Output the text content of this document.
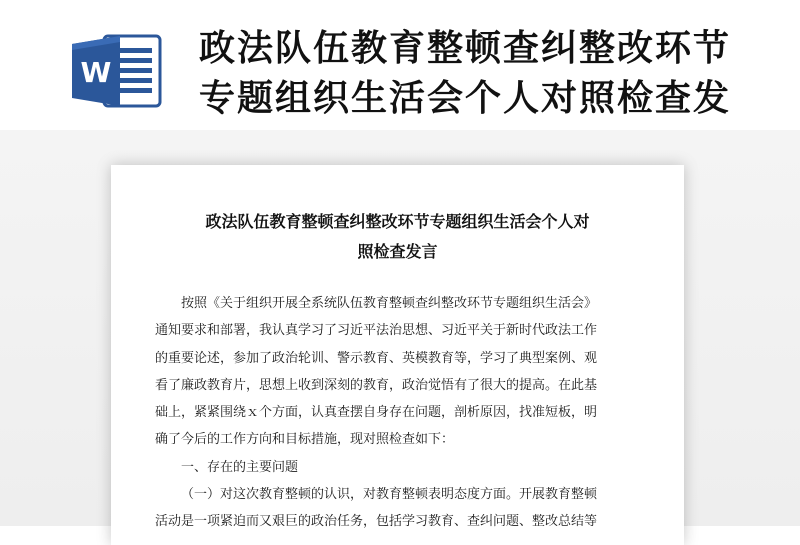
W
政法队伍教育整顿查纠整改环节
专题组织生活会个人对照检查发
政法队伍教育整顿查纠整改环节专题组织生活会个人对
照检查发言
按照《关于组织开展全系统队伍教育整顿查纠整改环节专题组织生活会》
通知要求和部署，我认真学习了习近平法治思想、习近平关于新时代政法工作
的重要论述，参加了政治轮训、警示教育、英模教育等，学习了典型案例、观
看了廉政教育片，思想上收到深刻的教育，政治觉悟有了很大的提高。在此基
础上，紧紧围绕ｘ个方面，认真查摆自身存在问题，剖析原因，找准短板，明
确了今后的工作方向和目标措施，现对照检查如下：
一、存在的主要问题
（一）对这次教育整顿的认识，对教育整顿表明态度方面。开展教育整顿
活动是一项紧迫而又艰巨的政治任务，包括学习教育、查纠问题、整改总结等
